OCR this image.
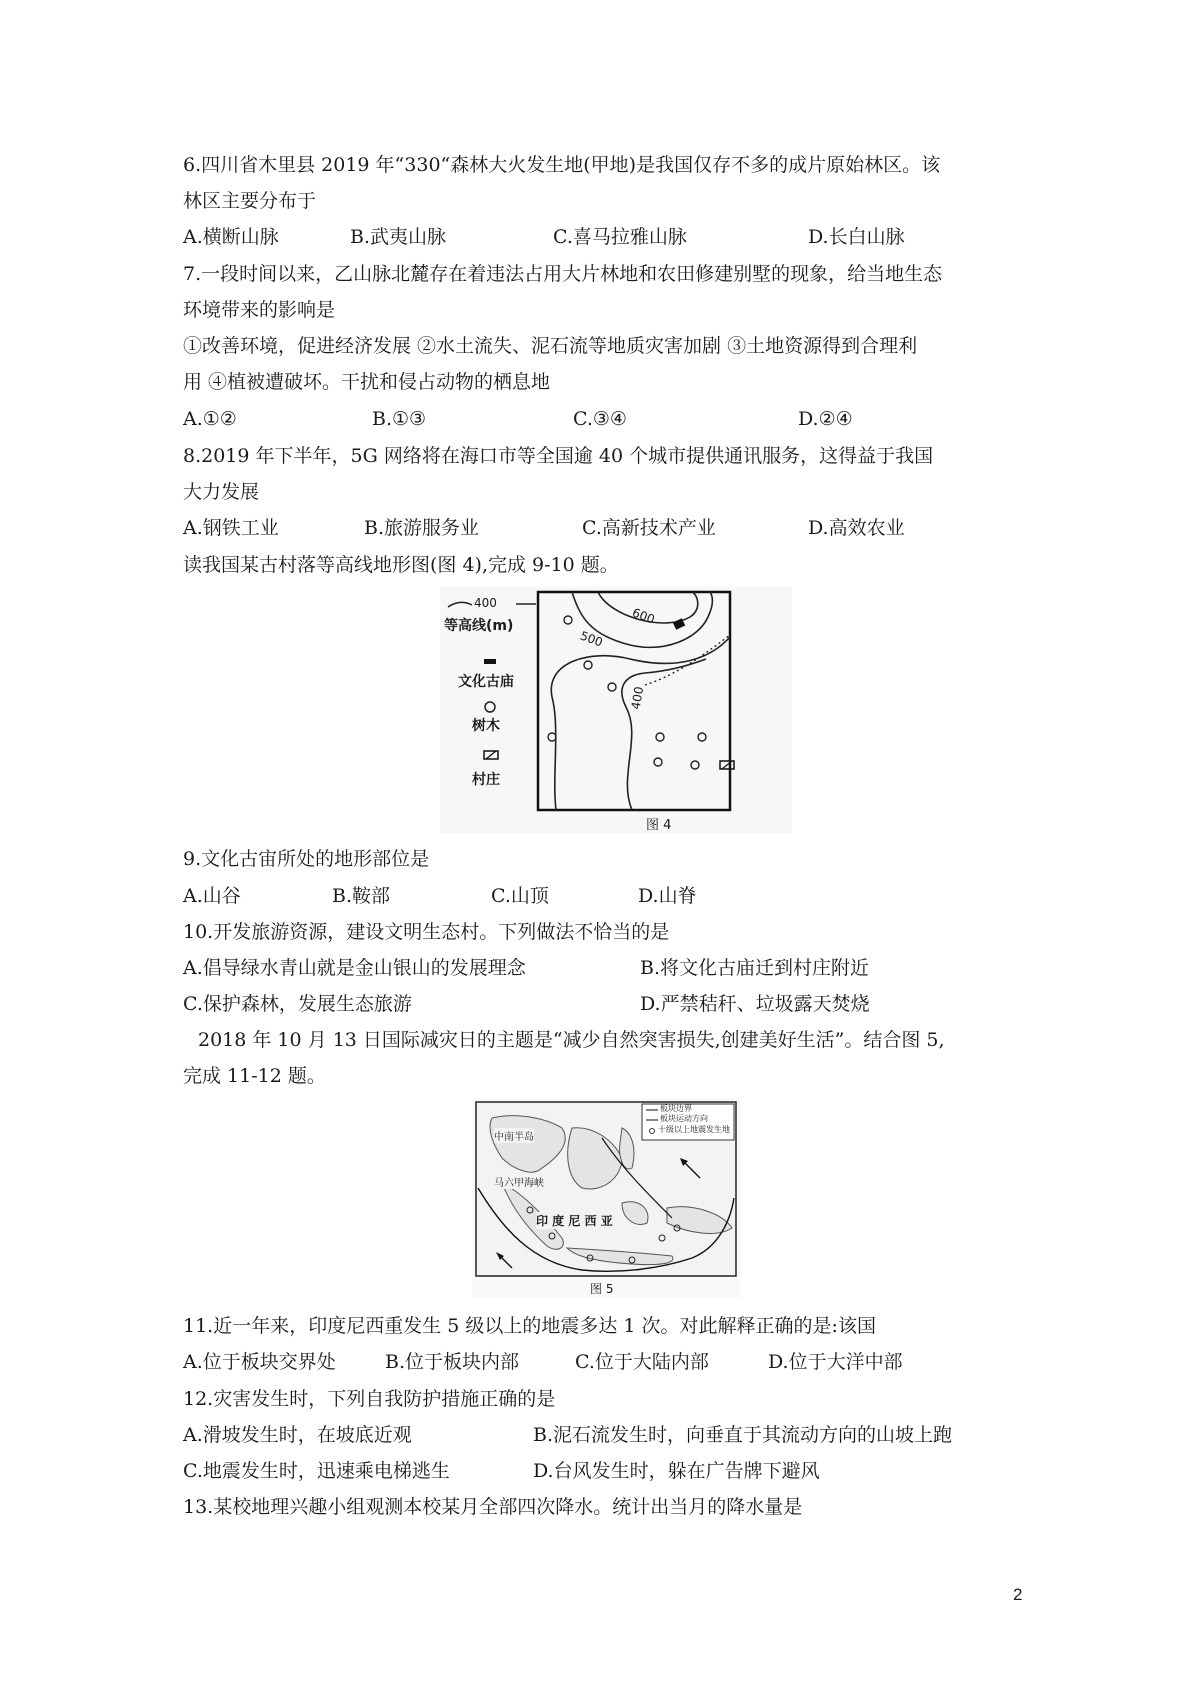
6.四川省木里县 2019 年“330“森林大火发生地(甲地)是我国仅存不多的成片原始林区。该
林区主要分布于
A.横断山脉	B.武夷山脉	C.喜马拉雅山脉	D.长白山脉
7.一段时间以来，乙山脉北麓存在着违法占用大片林地和农田修建别墅的现象，给当地生态
环境带来的影响是
①改善环境，促进经济发展 ②水土流失、泥石流等地质灾害加剧 ③土地资源得到合理利
用 ④植被遭破坏。干扰和侵占动物的栖息地
A.①②	B.①③	C.③④	D.②④
8.2019 年下半年，5G 网络将在海口市等全国逾 40 个城市提供通讯服务，这得益于我国
大力发展
A.钢铁工业	B.旅游服务业	C.高新技术产业	D.高效农业
读我国某古村落等高线地形图(图 4),完成 9-10 题。
400
等高线(m)
文化古庙
树木
村庄
600
500
400
图 4
9.文化古宙所处的地形部位是
A.山谷	B.鞍部	C.山顶	D.山脊
10.开发旅游资源，建设文明生态村。下列做法不恰当的是
A.倡导绿水青山就是金山银山的发展理念	B.将文化古庙迁到村庄附近
C.保护森林，发展生态旅游	D.严禁秸秆、垃圾露天焚烧
2018 年 10 月 13 日国际减灾日的主题是“减少自然突害损失,创建美好生活”。结合图 5,
完成 11-12 题。
板块边界
板块运动方向
十级以上地震发生地
中南半岛
马六甲海峡
印 度 尼 西 亚
图 5
11.近一年来，印度尼西重发生 5 级以上的地震多达 1 次。对此解释正确的是:该国
A.位于板块交界处	B.位于板块内部	C.位于大陆内部	D.位于大洋中部
12.灾害发生时，下列自我防护措施正确的是
A.滑坡发生时，在坡底近观	B.泥石流发生时，向垂直于其流动方向的山坡上跑
C.地震发生时，迅速乘电梯逃生	D.台风发生时，躲在广告牌下避风
13.某校地理兴趣小组观测本校某月全部四次降水。统计出当月的降水量是
2
